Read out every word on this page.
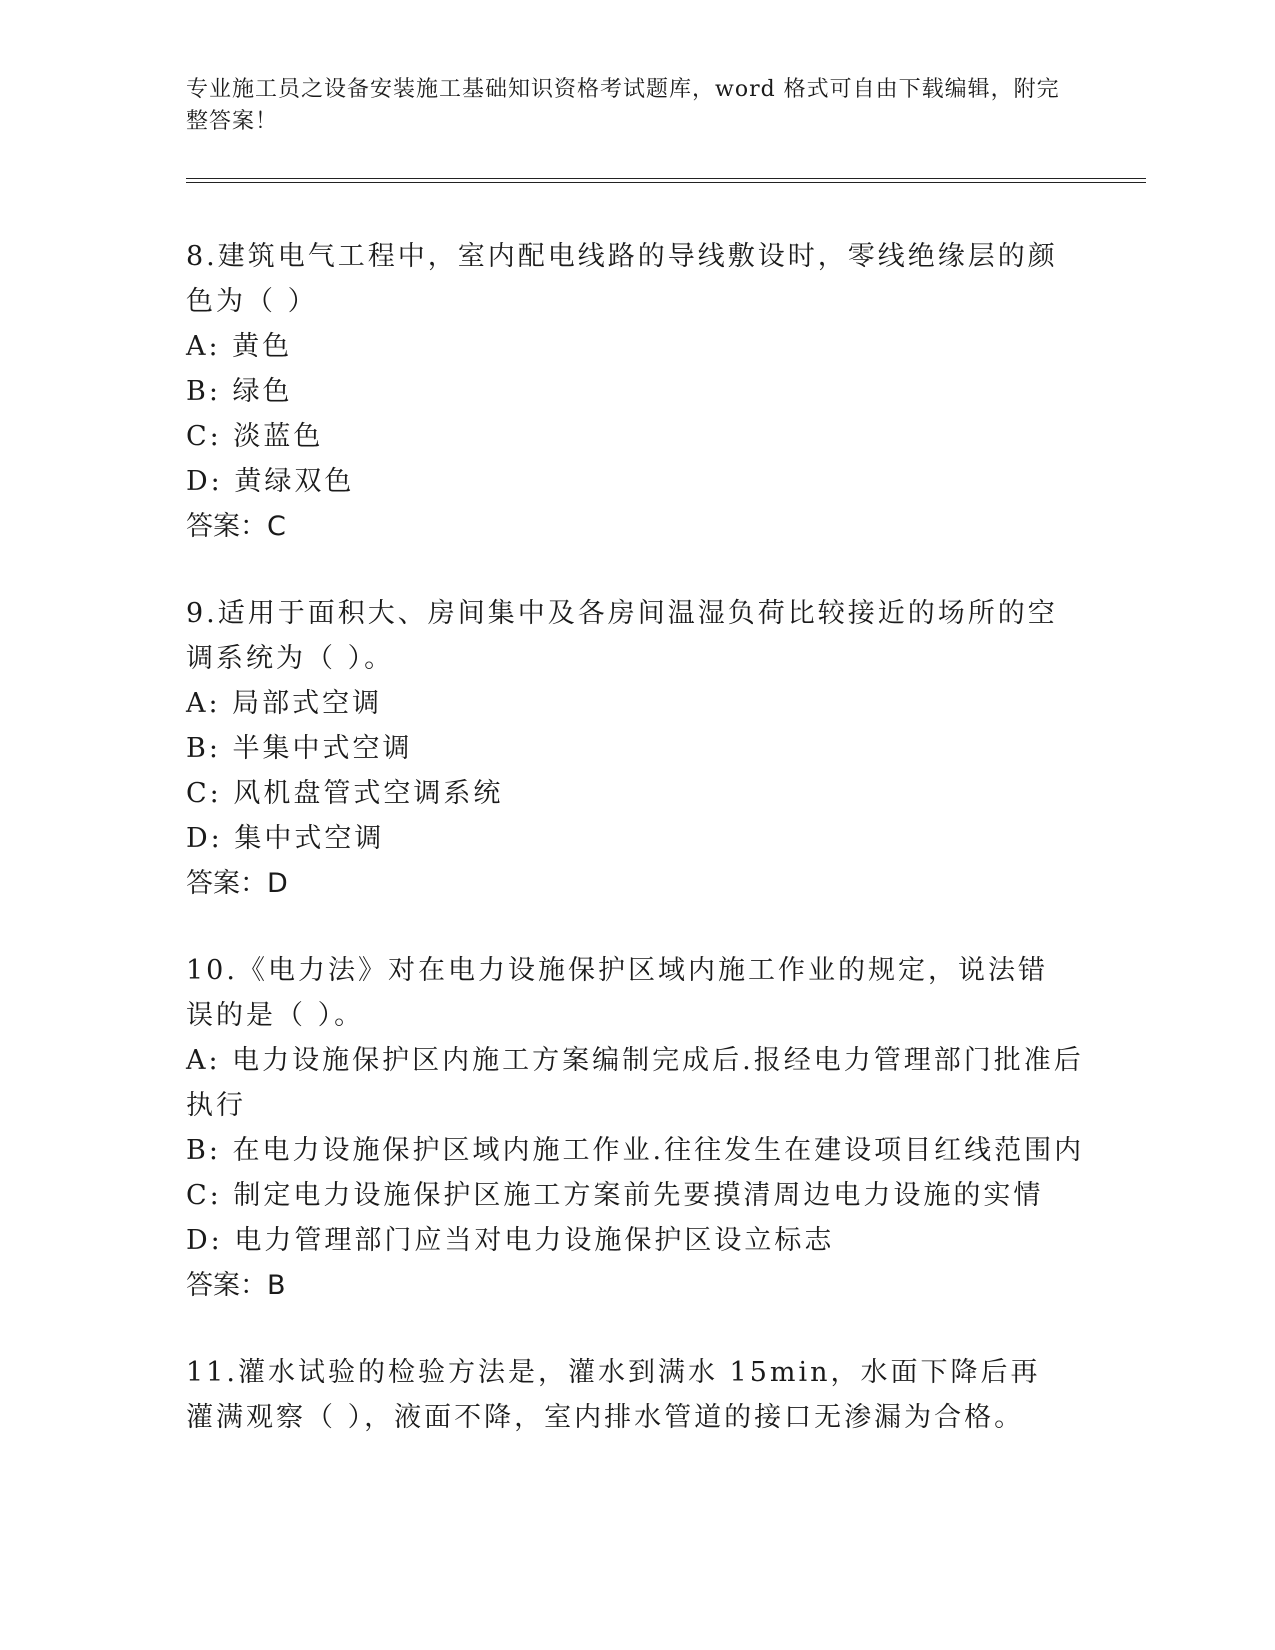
专业施工员之设备安装施工基础知识资格考试题库，word 格式可自由下载编辑，附完整答案！

8.建筑电气工程中，室内配电线路的导线敷设时，零线绝缘层的颜色为（ ）

A: 黄色

B: 绿色

C: 淡蓝色

D: 黄绿双色

答案：C

9.适用于面积大、房间集中及各房间温湿负荷比较接近的场所的空调系统为（ ）。

A: 局部式空调

B: 半集中式空调

C: 风机盘管式空调系统

D: 集中式空调

答案：D

10.《电力法》对在电力设施保护区域内施工作业的规定，说法错误的是（ ）。

A: 电力设施保护区内施工方案编制完成后.报经电力管理部门批准后执行

B: 在电力设施保护区域内施工作业.往往发生在建设项目红线范围内

C: 制定电力设施保护区施工方案前先要摸清周边电力设施的实情

D: 电力管理部门应当对电力设施保护区设立标志

答案：B

11.灌水试验的检验方法是，灌水到满水 15min，水面下降后再灌满观察（ ），液面不降，室内排水管道的接口无渗漏为合格。
